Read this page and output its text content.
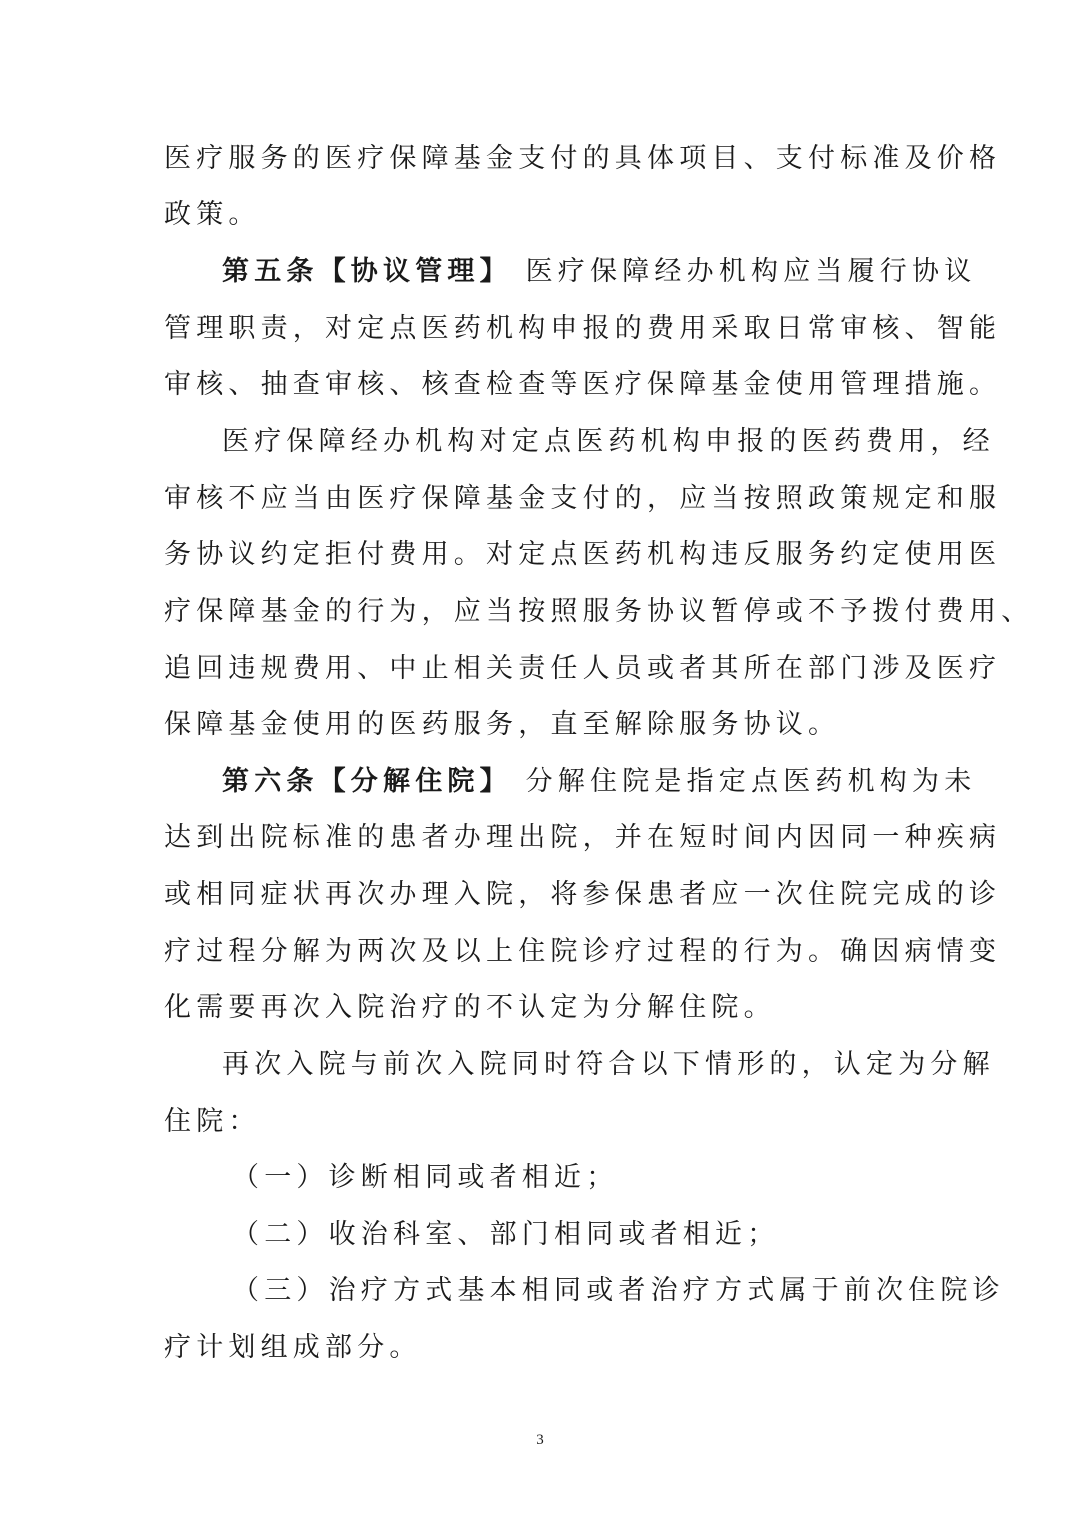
医疗服务的医疗保障基金支付的具体项目、支付标准及价格
政策。
第五条【协议管理】 医疗保障经办机构应当履行协议
管理职责，对定点医药机构申报的费用采取日常审核、智能
审核、抽查审核、核查检查等医疗保障基金使用管理措施。
医疗保障经办机构对定点医药机构申报的医药费用，经
审核不应当由医疗保障基金支付的，应当按照政策规定和服
务协议约定拒付费用。对定点医药机构违反服务约定使用医
疗保障基金的行为，应当按照服务协议暂停或不予拨付费用、
追回违规费用、中止相关责任人员或者其所在部门涉及医疗
保障基金使用的医药服务，直至解除服务协议。
第六条【分解住院】 分解住院是指定点医药机构为未
达到出院标准的患者办理出院，并在短时间内因同一种疾病
或相同症状再次办理入院，将参保患者应一次住院完成的诊
疗过程分解为两次及以上住院诊疗过程的行为。确因病情变
化需要再次入院治疗的不认定为分解住院。
再次入院与前次入院同时符合以下情形的，认定为分解
住院：
（一）诊断相同或者相近；
（二）收治科室、部门相同或者相近；
（三）治疗方式基本相同或者治疗方式属于前次住院诊
疗计划组成部分。
3
